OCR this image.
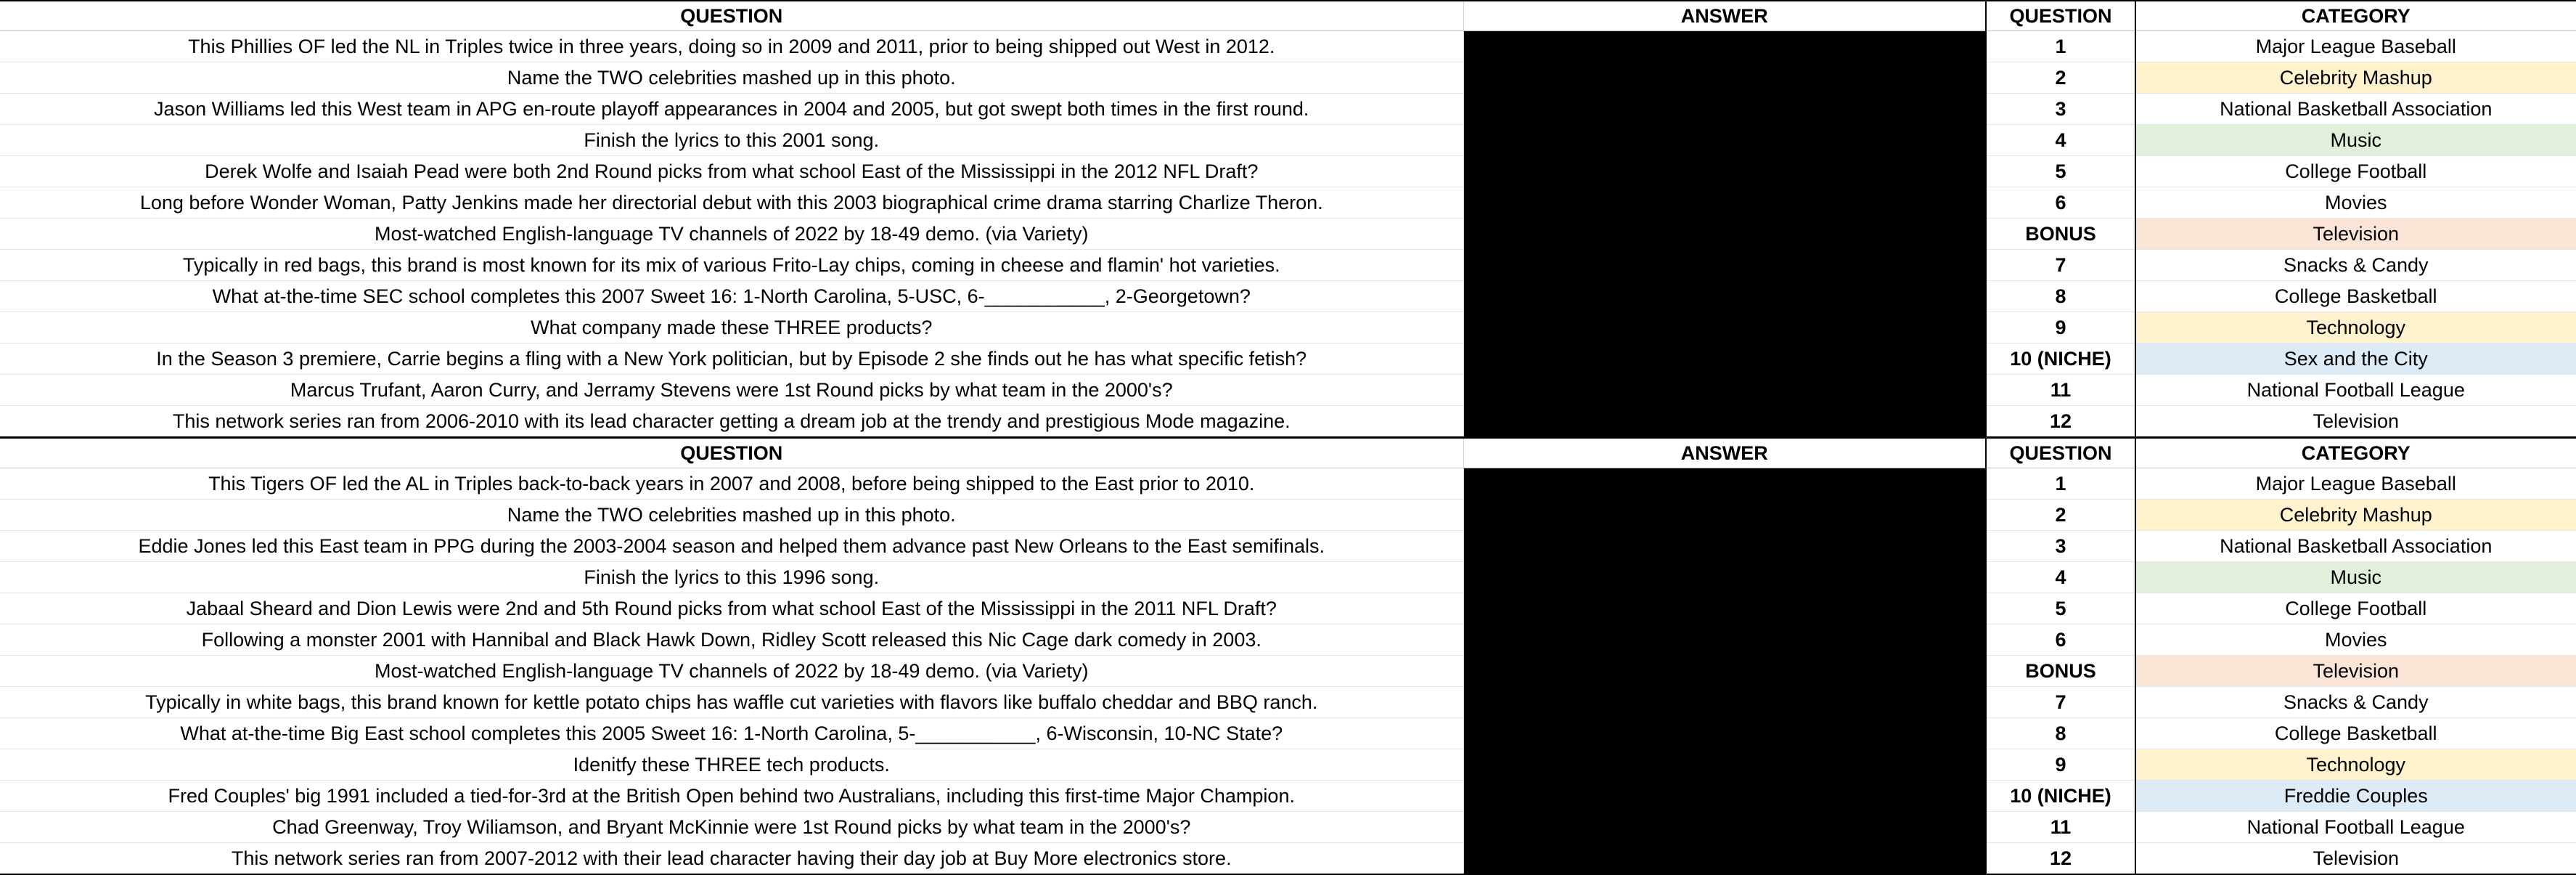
QUESTION	ANSWER	QUESTION	CATEGORY
This Phillies OF led the NL in Triples twice in three years, doing so in 2009 and 2011, prior to being shipped out West in 2012.		1	Major League Baseball
Name the TWO celebrities mashed up in this photo.		2	Celebrity Mashup
Jason Williams led this West team in APG en-route playoff appearances in 2004 and 2005, but got swept both times in the first round.		3	National Basketball Association
Finish the lyrics to this 2001 song.		4	Music
Derek Wolfe and Isaiah Pead were both 2nd Round picks from what school East of the Mississippi in the 2012 NFL Draft?		5	College Football
Long before Wonder Woman, Patty Jenkins made her directorial debut with this 2003 biographical crime drama starring Charlize Theron.		6	Movies
Most-watched English-language TV channels of 2022 by 18-49 demo. (via Variety)		BONUS	Television
Typically in red bags, this brand is most known for its mix of various Frito-Lay chips, coming in cheese and flamin' hot varieties.		7	Snacks & Candy
What at-the-time SEC school completes this 2007 Sweet 16: 1-North Carolina, 5-USC, 6-___________, 2-Georgetown?		8	College Basketball
What company made these THREE products?		9	Technology
In the Season 3 premiere, Carrie begins a fling with a New York politician, but by Episode 2 she finds out he has what specific fetish?		10 (NICHE)	Sex and the City
Marcus Trufant, Aaron Curry, and Jerramy Stevens were 1st Round picks by what team in the 2000's?		11	National Football League
This network series ran from 2006-2010 with its lead character getting a dream job at the trendy and prestigious Mode magazine.		12	Television
QUESTION	ANSWER	QUESTION	CATEGORY
This Tigers OF led the AL in Triples back-to-back years in 2007 and 2008, before being shipped to the East prior to 2010.		1	Major League Baseball
Name the TWO celebrities mashed up in this photo.		2	Celebrity Mashup
Eddie Jones led this East team in PPG during the 2003-2004 season and helped them advance past New Orleans to the East semifinals.		3	National Basketball Association
Finish the lyrics to this 1996 song.		4	Music
Jabaal Sheard and Dion Lewis were 2nd and 5th Round picks from what school East of the Mississippi in the 2011 NFL Draft?		5	College Football
Following a monster 2001 with Hannibal and Black Hawk Down, Ridley Scott released this Nic Cage dark comedy in 2003.		6	Movies
Most-watched English-language TV channels of 2022 by 18-49 demo. (via Variety)		BONUS	Television
Typically in white bags, this brand known for kettle potato chips has waffle cut varieties with flavors like buffalo cheddar and BBQ ranch.		7	Snacks & Candy
What at-the-time Big East school completes this 2005 Sweet 16: 1-North Carolina, 5-___________, 6-Wisconsin, 10-NC State?		8	College Basketball
Idenitfy these THREE tech products.		9	Technology
Fred Couples' big 1991 included a tied-for-3rd at the British Open behind two Australians, including this first-time Major Champion.		10 (NICHE)	Freddie Couples
Chad Greenway, Troy Wiliamson, and Bryant McKinnie were 1st Round picks by what team in the 2000's?		11	National Football League
This network series ran from 2007-2012 with their lead character having their day job at Buy More electronics store.		12	Television
